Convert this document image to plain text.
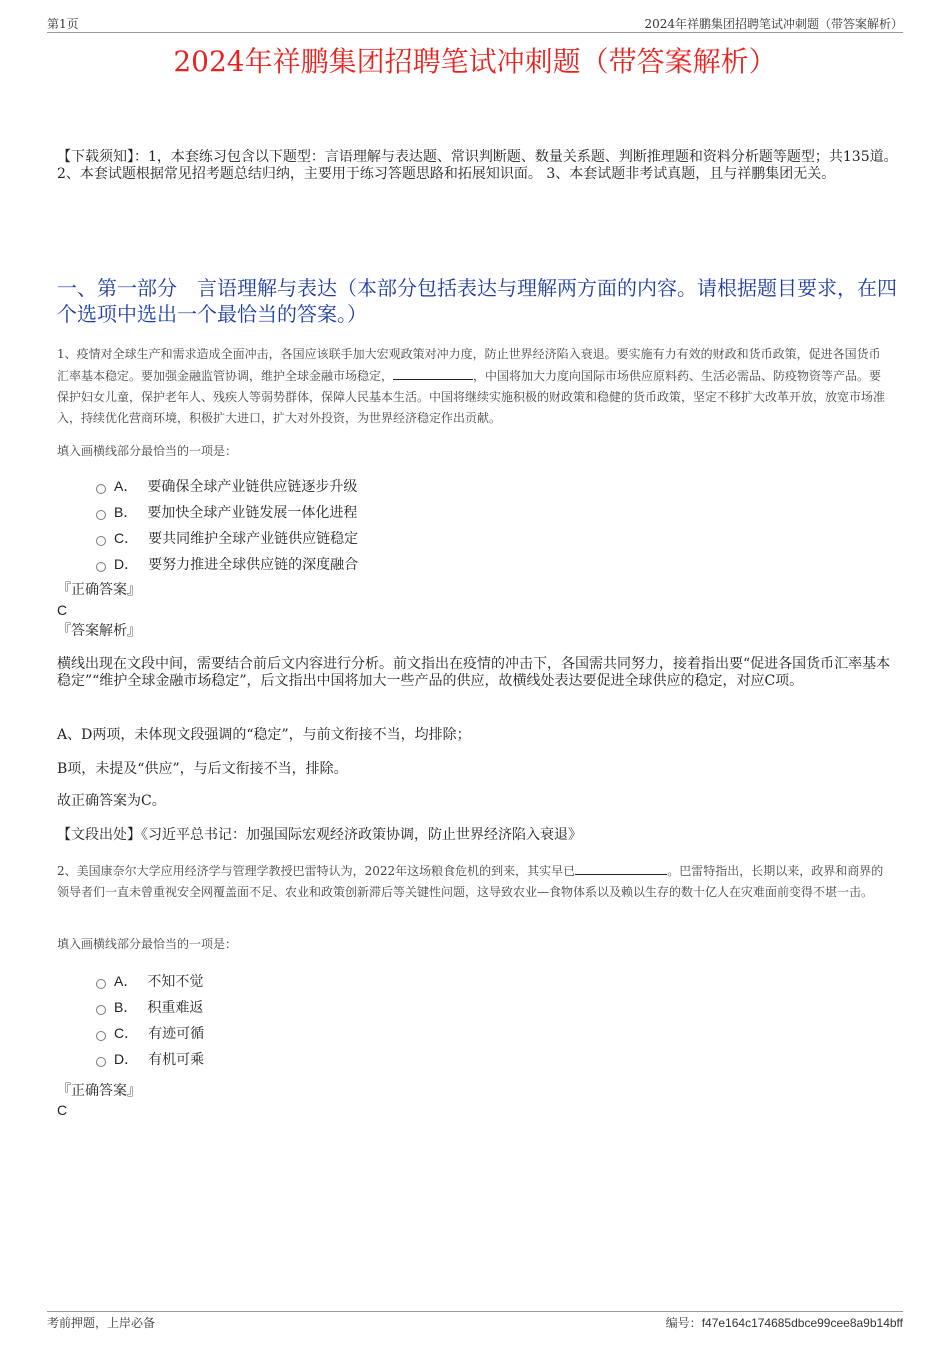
第1页	2024年祥鹏集团招聘笔试冲刺题（带答案解析）
2024年祥鹏集团招聘笔试冲刺题（带答案解析）
【下载须知】：1，本套练习包含以下题型：言语理解与表达题、常识判断题、数量关系题、判断推理题和资料分析题等题型；共135道。 2、本套试题根据常见招考题总结归纳，主要用于练习答题思路和拓展知识面。 3、本套试题非考试真题，且与祥鹏集团无关。
一、第一部分　言语理解与表达（本部分包括表达与理解两方面的内容。请根据题目要求，在四个选项中选出一个最恰当的答案。）
1、疫情对全球生产和需求造成全面冲击，各国应该联手加大宏观政策对冲力度，防止世界经济陷入衰退。要实施有力有效的财政和货币政策，促进各国货币汇率基本稳定。要加强金融监管协调，维护全球金融市场稳定，	，中国将加大力度向国际市场供应原料药、生活必需品、防疫物资等产品。要保护妇女儿童，保护老年人、残疾人等弱势群体，保障人民基本生活。中国将继续实施积极的财政策和稳健的货币政策，坚定不移扩大改革开放，放宽市场准入，持续优化营商环境，积极扩大进口，扩大对外投资，为世界经济稳定作出贡献。
填入画横线部分最恰当的一项是：
A． 要确保全球产业链供应链逐步升级
B． 要加快全球产业链发展一体化进程
C． 要共同维护全球产业链供应链稳定
D． 要努力推进全球供应链的深度融合
『正确答案』
C
『答案解析』
横线出现在文段中间，需要结合前后文内容进行分析。前文指出在疫情的冲击下，各国需共同努力，接着指出要“促进各国货币汇率基本稳定”“维护全球金融市场稳定”，后文指出中国将加大一些产品的供应，故横线处表达要促进全球供应的稳定，对应C项。
A、D两项，未体现文段强调的“稳定”，与前文衔接不当，均排除；
B项，未提及“供应”，与后文衔接不当，排除。
故正确答案为C。
【文段出处】《习近平总书记：加强国际宏观经济政策协调，防止世界经济陷入衰退》
2、美国康奈尔大学应用经济学与管理学教授巴雷特认为，2022年这场粮食危机的到来，其实早已	。巴雷特指出，长期以来，政界和商界的领导者们一直未曾重视安全网覆盖面不足、农业和政策创新滞后等关键性问题，这导致农业—食物体系以及赖以生存的数十亿人在灾难面前变得不堪一击。
填入画横线部分最恰当的一项是：
A． 不知不觉
B． 积重难返
C． 有迹可循
D． 有机可乘
『正确答案』
C
考前押题，上岸必备	编号：f47e164c174685dbce99cee8a9b14bff
